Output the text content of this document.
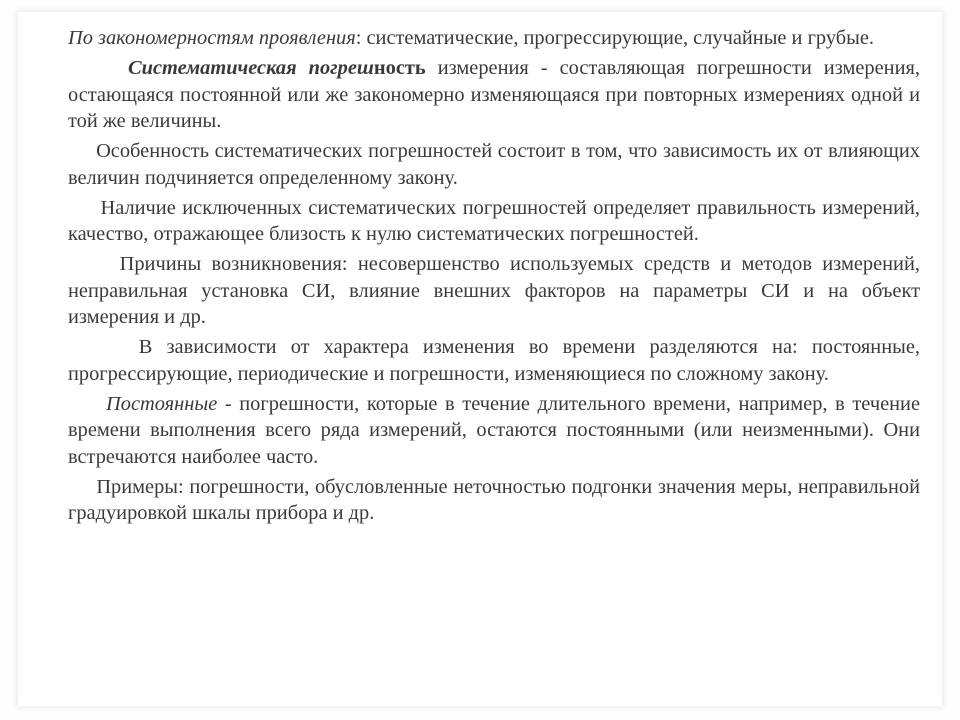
По закономерностям проявления: систематические, прогрессирующие, случайные и грубые.

Систематическая погрешность измерения - составляющая погрешности измерения, остающаяся постоянной или же закономерно изменяющаяся при повторных измерениях одной и той же величины.

Особенность систематических погрешностей состоит в том, что зависимость их от влияющих величин подчиняется определенному закону.

Наличие исключенных систематических погрешностей определяет правильность измерений, качество, отражающее близость к нулю систематических погрешностей.

Причины возникновения: несовершенство используемых средств и методов измерений, неправильная установка СИ, влияние внешних факторов на параметры СИ и на объект измерения и др.

В зависимости от характера изменения во времени разделяются на: постоянные, прогрессирующие, периодические и погрешности, изменяющиеся по сложному закону.

Постоянные - погрешности, которые в течение длительного времени, например, в течение времени выполнения всего ряда измерений, остаются постоянными (или неизменными). Они встречаются наиболее часто.

Примеры: погрешности, обусловленные неточностью подгонки значения меры, неправильной градуировкой шкалы прибора и др.
